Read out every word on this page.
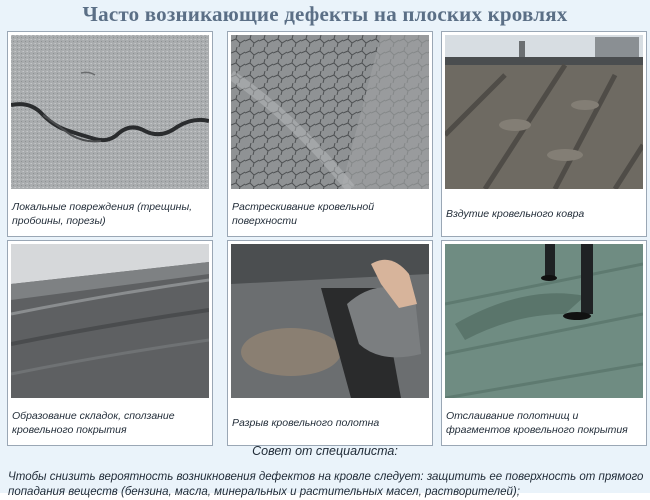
Часто возникающие дефекты на плоских кровлях
Локальные повреждения (трещины, пробоины, порезы)
Растрескивание кровельной поверхности
Вздутие кровельного ковра
Образование складок, сползание кровельного покрытия
Разрыв кровельного полотна
Отслаивание полотнищ и фрагментов кровельного покрытия
Совет от специалиста:
Чтобы снизить вероятность возникновения дефектов на кровле следует: защитить ее поверхность от прямого попадания веществ (бензина, масла, минеральных и растительных масел, растворителей);
